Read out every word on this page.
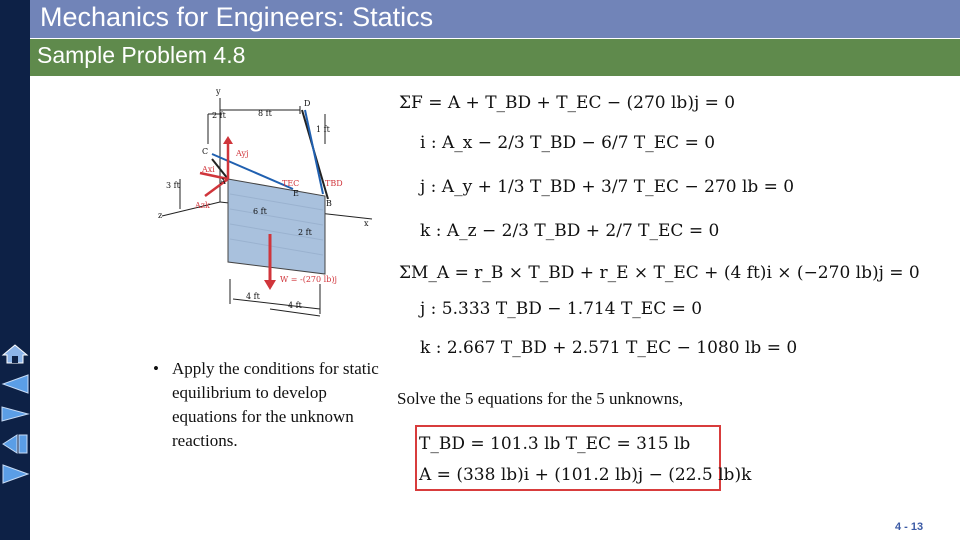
Mechanics for Engineers: Statics
Sample Problem 4.8
y
2 ft	8 ft
D
1 ft
C	Ayj
TEC	TBD
3 ft
Axi
A
E
B
Azk
6 ft
z
x
2 ft
W = -(270 lb)j
4 ft
4 ft
• Apply the conditions for static equilibrium to develop equations for the unknown reactions.
ΣF = A + T_BD + T_EC − (270 lb)j = 0
i : A_x − 2/3 T_BD − 6/7 T_EC = 0
j : A_y + 1/3 T_BD + 3/7 T_EC − 270 lb = 0
k : A_z − 2/3 T_BD + 2/7 T_EC = 0
ΣM_A = r_B × T_BD + r_E × T_EC + (4 ft)i × (−270 lb)j = 0
j : 5.333 T_BD − 1.714 T_EC = 0
k : 2.667 T_BD + 2.571 T_EC − 1080 lb = 0
Solve the 5 equations for the 5 unknowns,
T_BD = 101.3 lb T_EC = 315 lb
A = (338 lb)i + (101.2 lb)j − (22.5 lb)k
4 - 13
